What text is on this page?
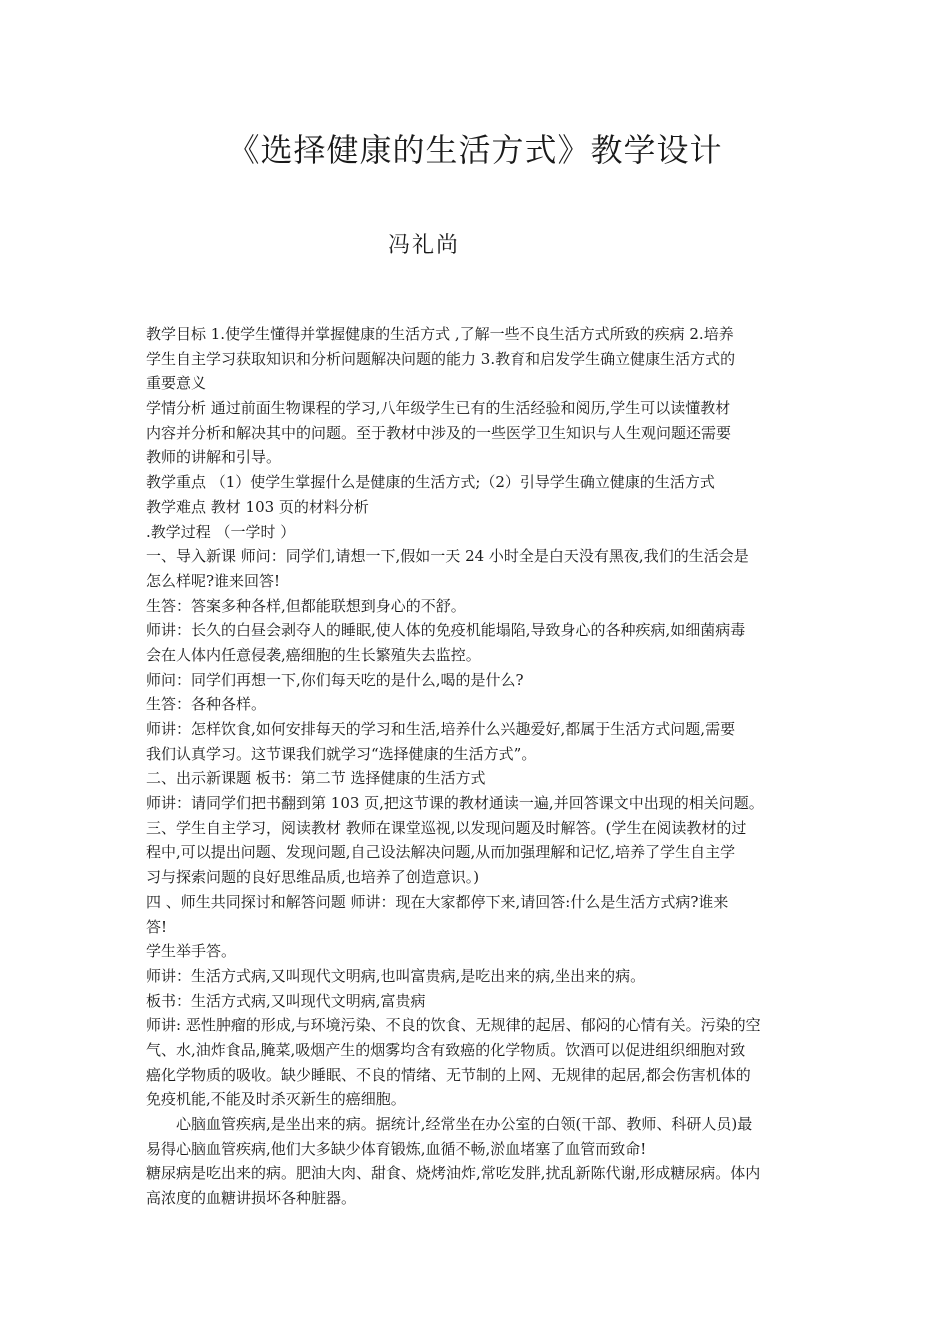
《选择健康的生活方式》教学设计
冯礼尚
教学目标 1.使学生懂得并掌握健康的生活方式 ,了解一些不良生活方式所致的疾病 2.培养
学生自主学习获取知识和分析问题解决问题的能力 3.教育和启发学生确立健康生活方式的
重要意义
学情分析 通过前面生物课程的学习,八年级学生已有的生活经验和阅历,学生可以读懂教材
内容并分析和解决其中的问题。至于教材中涉及的一些医学卫生知识与人生观问题还需要
教师的讲解和引导。
教学重点 （1）使学生掌握什么是健康的生活方式;（2）引导学生确立健康的生活方式
教学难点 教材 103 页的材料分析
.教学过程 （一学时 ）
一、导入新课 师问：同学们,请想一下,假如一天 24 小时全是白天没有黑夜,我们的生活会是
怎么样呢?谁来回答!
生答：答案多种各样,但都能联想到身心的不舒。
师讲：长久的白昼会剥夺人的睡眠,使人体的免疫机能塌陷,导致身心的各种疾病,如细菌病毒
会在人体内任意侵袭,癌细胞的生长繁殖失去监控。
师问：同学们再想一下,你们每天吃的是什么,喝的是什么?
生答：各种各样。
师讲：怎样饮食,如何安排每天的学习和生活,培养什么兴趣爱好,都属于生活方式问题,需要
我们认真学习。这节课我们就学习“选择健康的生活方式”。
二、出示新课题 板书：第二节 选择健康的生活方式
师讲：请同学们把书翻到第 103 页,把这节课的教材通读一遍,并回答课文中出现的相关问题。
三、学生自主学习，阅读教材 教师在课堂巡视,以发现问题及时解答。(学生在阅读教材的过
程中,可以提出问题、发现问题,自己设法解决问题,从而加强理解和记忆,培养了学生自主学
习与探索问题的良好思维品质,也培养了创造意识。)
四 、师生共同探讨和解答问题 师讲：现在大家都停下来,请回答:什么是生活方式病?谁来
答!
学生举手答。
师讲：生活方式病,又叫现代文明病,也叫富贵病,是吃出来的病,坐出来的病。
板书：生活方式病,又叫现代文明病,富贵病
师讲: 恶性肿瘤的形成,与环境污染、不良的饮食、无规律的起居、郁闷的心情有关。污染的空
气、水,油炸食品,腌菜,吸烟产生的烟雾均含有致癌的化学物质。饮酒可以促进组织细胞对致
癌化学物质的吸收。缺少睡眠、不良的情绪、无节制的上网、无规律的起居,都会伤害机体的
免疫机能,不能及时杀灭新生的癌细胞。
心脑血管疾病,是坐出来的病。据统计,经常坐在办公室的白领(干部、教师、科研人员)最
易得心脑血管疾病,他们大多缺少体育锻炼,血循不畅,淤血堵塞了血管而致命!
糖尿病是吃出来的病。肥油大肉、甜食、烧烤油炸,常吃发胖,扰乱新陈代谢,形成糖尿病。体内
高浓度的血糖讲损坏各种脏器。
